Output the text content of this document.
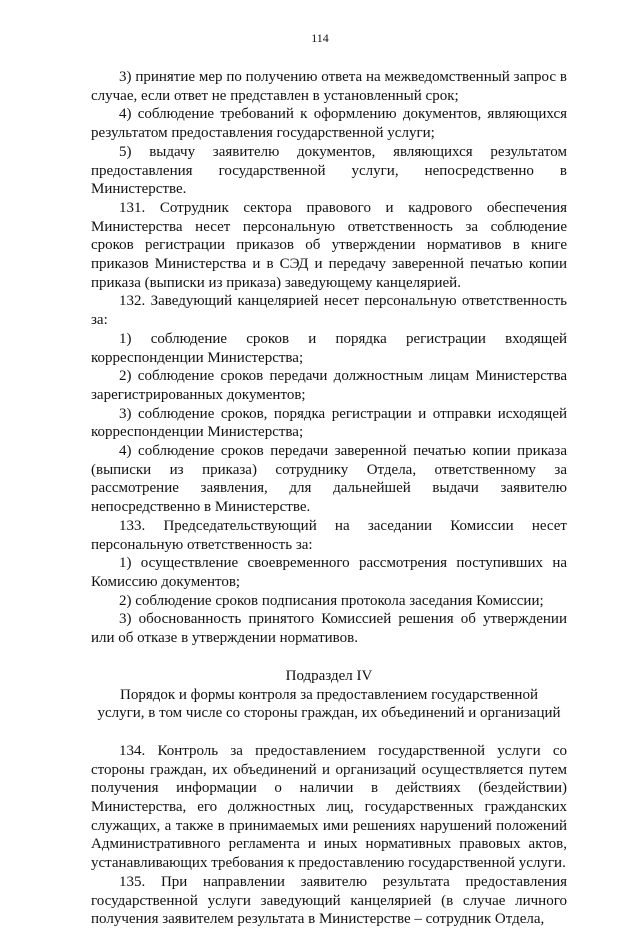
114

3) принятие мер по получению ответа на межведомственный запрос в случае, если ответ не представлен в установленный срок;

4) соблюдение требований к оформлению документов, являющихся результатом предоставления государственной услуги;

5) выдачу заявителю документов, являющихся результатом предоставления государственной услуги, непосредственно в Министерстве.

131. Сотрудник сектора правового и кадрового обеспечения Министерства несет персональную ответственность за соблюдение сроков регистрации приказов об утверждении нормативов в книге приказов Министерства и в СЭД и передачу заверенной печатью копии приказа (выписки из приказа) заведующему канцелярией.

132. Заведующий канцелярией несет персональную ответственность за:

1) соблюдение сроков и порядка регистрации входящей корреспонденции Министерства;

2) соблюдение сроков передачи должностным лицам Министерства зарегистрированных документов;

3) соблюдение сроков, порядка регистрации и отправки исходящей корреспонденции Министерства;

4) соблюдение сроков передачи заверенной печатью копии приказа (выписки из приказа) сотруднику Отдела, ответственному за рассмотрение заявления, для дальнейшей выдачи заявителю непосредственно в Министерстве.

133. Председательствующий на заседании Комиссии несет персональную ответственность за:

1) осуществление своевременного рассмотрения поступивших на Комиссию документов;

2) соблюдение сроков подписания протокола заседания Комиссии;

3) обоснованность принятого Комиссией решения об утверждении или об отказе в утверждении нормативов.

Подраздел IV

Порядок и формы контроля за предоставлением государственной

услуги, в том числе со стороны граждан, их объединений и организаций

134. Контроль за предоставлением государственной услуги со стороны граждан, их объединений и организаций осуществляется путем получения информации о наличии в действиях (бездействии) Министерства, его должностных лиц, государственных гражданских служащих, а также в принимаемых ими решениях нарушений положений Административного регламента и иных нормативных правовых актов, устанавливающих требования к предоставлению государственной услуги.

135. При направлении заявителю результата предоставления государственной услуги заведующий канцелярией (в случае личного получения заявителем результата в Министерстве – сотрудник Отдела,
